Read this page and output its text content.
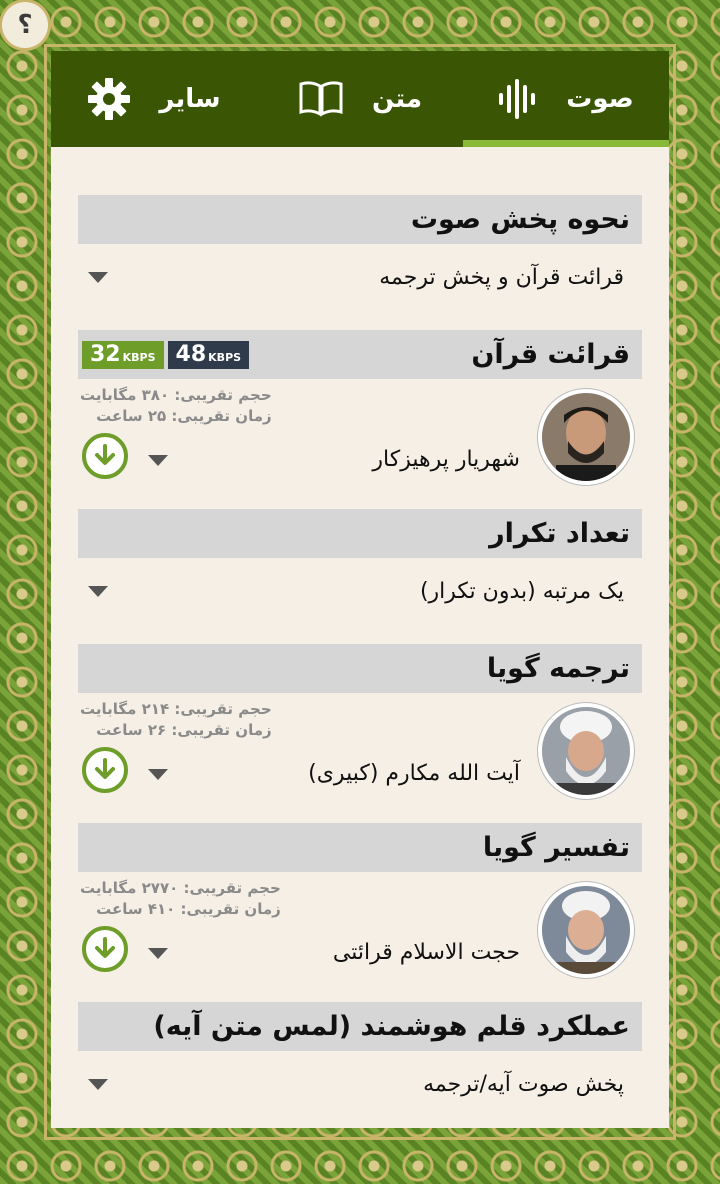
؟
سایر	متن	صوت
نحوه پخش صوت
قرائت قرآن و پخش ترجمه
قرائت قرآن
32 KBPS 48 KBPS
شهریار پرهیزکار
حجم تقریبی: ۳۸۰ مگابایت
زمان تقریبی: ۲۵ ساعت
تعداد تکرار
یک مرتبه (بدون تکرار)
ترجمه گویا
آیت الله مکارم (کبیری)
حجم تقریبی: ۲۱۴ مگابایت
زمان تقریبی: ۲۶ ساعت
تفسیر گویا
حجت الاسلام قرائتی
حجم تقریبی: ۲۷۷۰ مگابایت
زمان تقریبی: ۴۱۰ ساعت
عملکرد قلم هوشمند (لمس متن آیه)
پخش صوت آیه/ترجمه
